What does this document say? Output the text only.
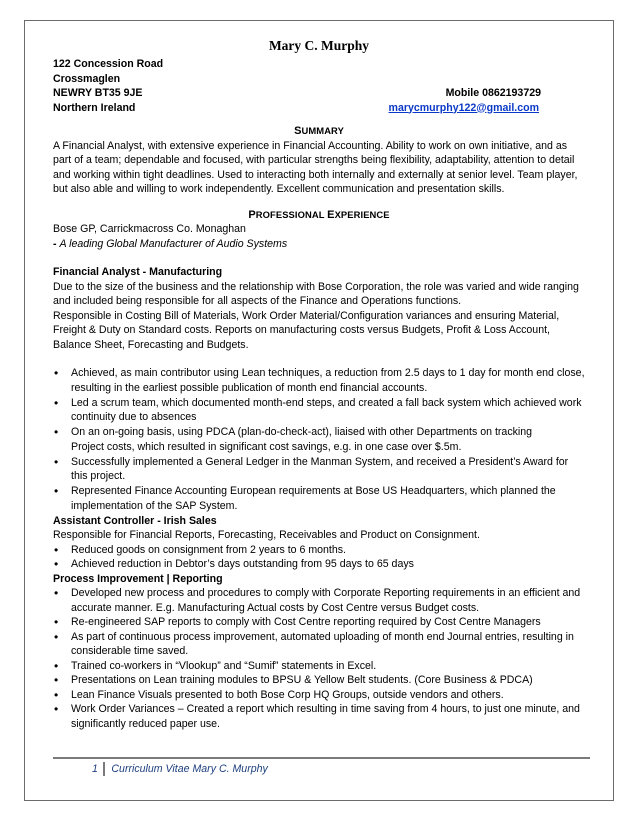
Mary C. Murphy
122 Concession Road
Crossmaglen
NEWRY BT35 9JE	Mobile 0862193729
Northern Ireland	marycmurphy122@gmail.com
SUMMARY

A Financial Analyst, with extensive experience in Financial Accounting. Ability to work on own initiative, and as part of a team; dependable and focused, with particular strengths being flexibility, adaptability, attention to detail and working within tight deadlines. Used to interacting both internally and externally at senior level. Team player, but also able and willing to work independently. Excellent communication and presentation skills.

PROFESSIONAL EXPERIENCE

Bose GP, Carrickmacross Co. Monaghan

- A leading Global Manufacturer of Audio Systems

Financial Analyst - Manufacturing

Due to the size of the business and the relationship with Bose Corporation, the role was varied and wide ranging and included being responsible for all aspects of the Finance and Operations functions.

Responsible in Costing Bill of Materials, Work Order Material/Configuration variances and ensuring Material, Freight & Duty on Standard costs. Reports on manufacturing costs versus Budgets, Profit & Loss Account, Balance Sheet, Forecasting and Budgets.

• Achieved, as main contributor using Lean techniques, a reduction from 2.5 days to 1 day for month end close, resulting in the earliest possible publication of month end financial accounts.
• Led a scrum team, which documented month-end steps, and created a fall back system which achieved work continuity due to absences
• On an on-going basis, using PDCA (plan-do-check-act), liaised with other Departments on trackingProject costs, which resulted in significant cost savings, e.g. in one case over $.5m.
• Successfully implemented a General Ledger in the Manman System, and received a President’s Award for this project.
• Represented Finance Accounting European requirements at Bose US Headquarters, which planned the implementation of the SAP System.

Assistant Controller - Irish Sales

Responsible for Financial Reports, Forecasting, Receivables and Product on Consignment.

• Reduced goods on consignment from 2 years to 6 months.
• Achieved reduction in Debtor’s days outstanding from 95 days to 65 days

Process Improvement | Reporting

• Developed new process and procedures to comply with Corporate Reporting requirements in an efficient and accurate manner. E.g. Manufacturing Actual costs by Cost Centre versus Budget costs.
• Re-engineered SAP reports to comply with Cost Centre reporting required by Cost Centre Managers
• As part of continuous process improvement, automated uploading of month end Journal entries, resulting in considerable time saved.
• Trained co-workers in “Vlookup” and “Sumif” statements in Excel.
• Presentations on Lean training modules to BPSU & Yellow Belt students. (Core Business & PDCA)
• Lean Finance Visuals presented to both Bose Corp HQ Groups, outside vendors and others.
• Work Order Variances – Created a report which resulting in time saving from 4 hours, to just one minute, and significantly reduced paper use.
1 Curriculum Vitae Mary C. Murphy
